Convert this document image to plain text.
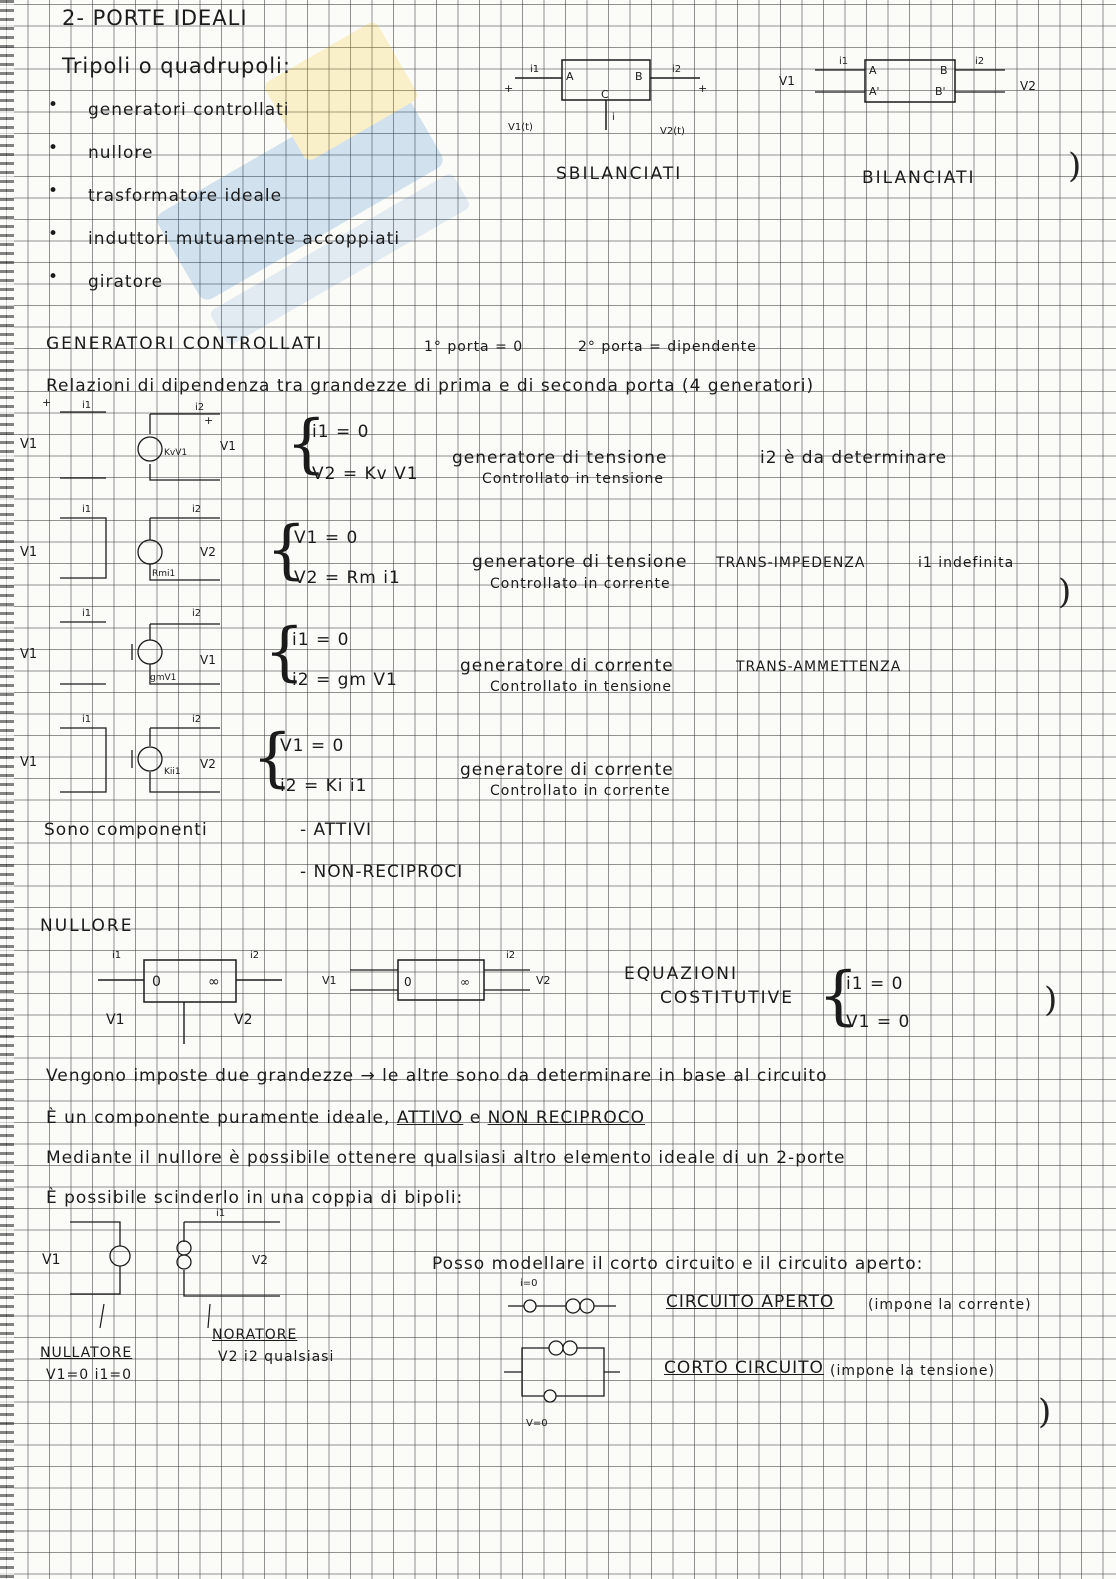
2- PORTE IDEALI
Tripoli o quadrupoli:
• generatori controllati
• nullore
• trasformatore ideale
• induttori mutuamente accoppiati
• giratore
A	B
C
i1	i2
i
V1(t)	V2(t)
+	+
SBILANCIATI
A
A'
B
B'
i1	i2
V1	V2
BILANCIATI	)
GENERATORI CONTROLLATI	1° porta = 0	2° porta = dipendente
Relazioni di dipendenza tra grandezze di prima e di seconda porta (4 generatori)
V1
i1	i2
KvV1	V1
+
+ {
i1 = 0
V2 = Kv V1
generatore di tensione
Controllato in tensione
i2 è da determinare
V1
i1	i2
Rmi1
V2 {
V1 = 0
V2 = Rm i1
generatore di tensione
Controllato in corrente
TRANS-IMPEDENZA	i1 indefinita
)
V1
i1	i2
gmV1
V1 {
i1 = 0
i2 = gm V1
generatore di corrente
Controllato in tensione
TRANS-AMMETTENZA
V1
i1	i2
Kii1
V2 {
V1 = 0
i2 = Ki i1
generatore di corrente
Controllato in corrente
Sono componenti	- ATTIVI
- NON-RECIPROCI
NULLORE
0	∞
V1	V2
i1	i2
0	∞
V1	V2
i2
EQUAZIONI
COSTITUTIVE {
i1 = 0
V1 = 0
)
Vengono imposte due grandezze → le altre sono da determinare in base al circuito
È un componente puramente ideale, ATTIVO e NON RECIPROCO
Mediante il nullore è possibile ottenere qualsiasi altro elemento ideale di un 2-porte
È possibile scinderlo in una coppia di bipoli:
V1	V2
i1
NULLATORE
V1=0 i1=0
NORATORE
V2 i2 qualsiasi
Posso modellare il corto circuito e il circuito aperto:
i=0
V=0
CIRCUITO APERTO (impone la corrente)
CORTO CIRCUITO (impone la tensione)
)
